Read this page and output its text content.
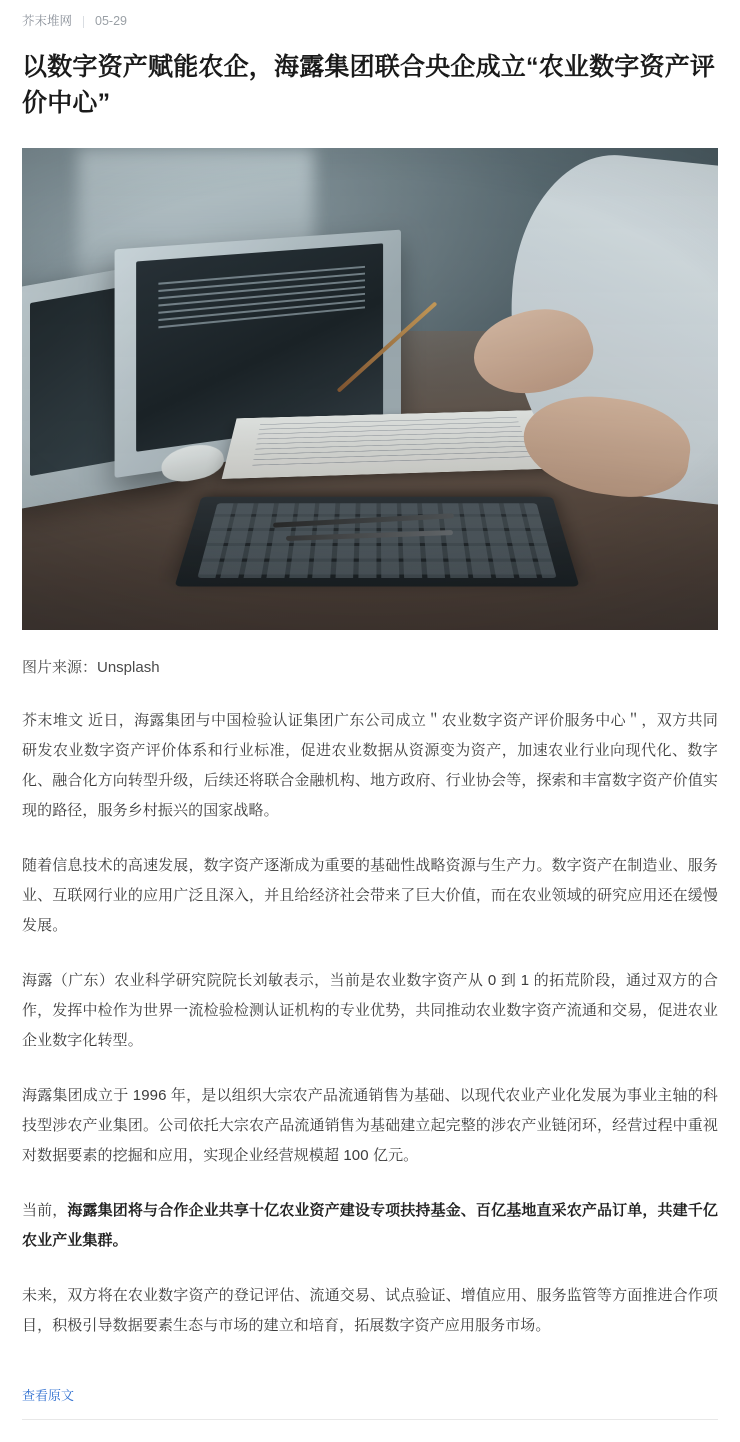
芥末堆网 05-29
以数字资产赋能农企，海露集团联合央企成立“农业数字资产评价中心”
图片来源：Unsplash

芥末堆文 近日，海露集团与中国检验认证集团广东公司成立＂农业数字资产评价服务中心＂，双方共同研发农业数字资产评价体系和行业标准，促进农业数据从资源变为资产，加速农业行业向现代化、数字化、融合化方向转型升级，后续还将联合金融机构、地方政府、行业协会等，探索和丰富数字资产价值实现的路径，服务乡村振兴的国家战略。

随着信息技术的高速发展，数字资产逐渐成为重要的基础性战略资源与生产力。数字资产在制造业、服务业、互联网行业的应用广泛且深入，并且给经济社会带来了巨大价值，而在农业领域的研究应用还在缓慢发展。

海露（广东）农业科学研究院院长刘敏表示，当前是农业数字资产从 0 到 1 的拓荒阶段，通过双方的合作，发挥中检作为世界一流检验检测认证机构的专业优势，共同推动农业数字资产流通和交易，促进农业企业数字化转型。

海露集团成立于 1996 年，是以组织大宗农产品流通销售为基础、以现代农业产业化发展为事业主轴的科技型涉农产业集团。公司依托大宗农产品流通销售为基础建立起完整的涉农产业链闭环，经营过程中重视对数据要素的挖掘和应用，实现企业经营规模超 100 亿元。

当前，海露集团将与合作企业共享十亿农业资产建设专项扶持基金、百亿基地直采农产品订单，共建千亿农业产业集群。

未来，双方将在农业数字资产的登记评估、流通交易、试点验证、增值应用、服务监管等方面推进合作项目，积极引导数据要素生态与市场的建立和培育，拓展数字资产应用服务市场。

查看原文
